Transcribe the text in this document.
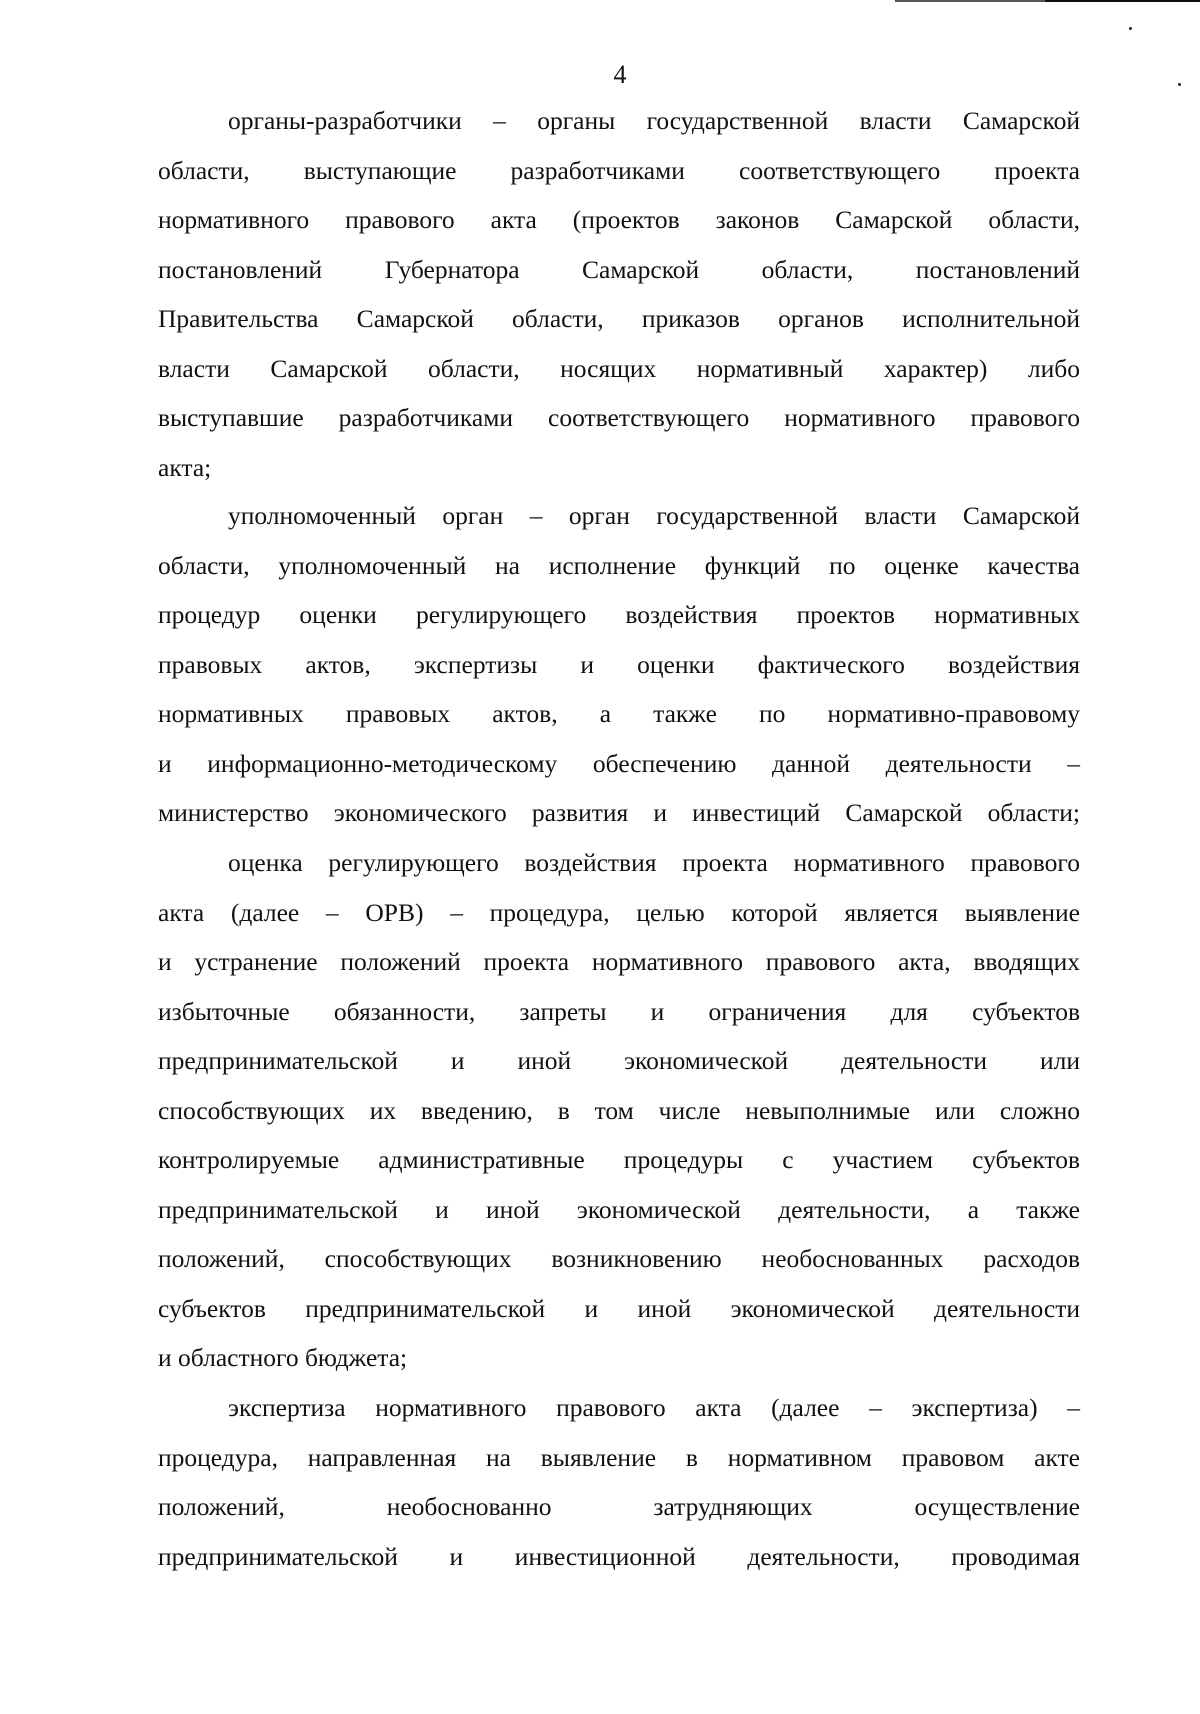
4
органы-разработчики – органы государственной власти Самарской
области, выступающие разработчиками соответствующего проекта
нормативного правового акта (проектов законов Самарской области,
постановлений Губернатора Самарской области, постановлений
Правительства Самарской области, приказов органов исполнительной
власти Самарской области, носящих нормативный характер) либо
выступавшие разработчиками соответствующего нормативного правового
акта;
уполномоченный орган – орган государственной власти Самарской
области, уполномоченный на исполнение функций по оценке качества
процедур оценки регулирующего воздействия проектов нормативных
правовых актов, экспертизы и оценки фактического воздействия
нормативных правовых актов, а также по нормативно-правовому
и информационно-методическому обеспечению данной деятельности –
министерство экономического развития и инвестиций Самарской области;
оценка регулирующего воздействия проекта нормативного правового
акта (далее – ОРВ) – процедура, целью которой является выявление
и устранение положений проекта нормативного правового акта, вводящих
избыточные обязанности, запреты и ограничения для субъектов
предпринимательской и иной экономической деятельности или
способствующих их введению, в том числе невыполнимые или сложно
контролируемые административные процедуры с участием субъектов
предпринимательской и иной экономической деятельности, а также
положений, способствующих возникновению необоснованных расходов
субъектов предпринимательской и иной экономической деятельности
и областного бюджета;
экспертиза нормативного правового акта (далее – экспертиза) –
процедура, направленная на выявление в нормативном правовом акте
положений, необоснованно затрудняющих осуществление
предпринимательской и инвестиционной деятельности, проводимая
